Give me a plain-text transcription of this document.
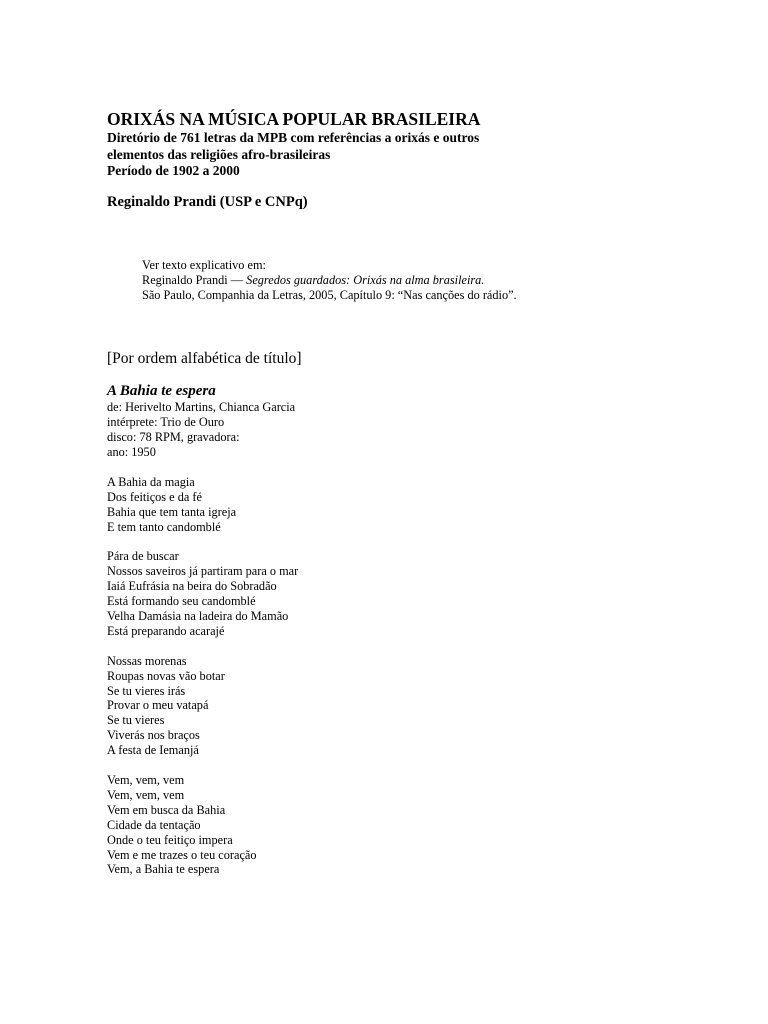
ORIXÁS NA MÚSICA POPULAR BRASILEIRA
Diretório de 761 letras da MPB com referências a orixás e outros
elementos das religiões afro-brasileiras
Período de 1902 a 2000
Reginaldo Prandi (USP e CNPq)
Ver texto explicativo em:
Reginaldo Prandi — Segredos guardados: Orixás na alma brasileira.
São Paulo, Companhia da Letras, 2005, Capítulo 9: “Nas canções do rádio”.
[Por ordem alfabética de título]
A Bahia te espera
de: Herivelto Martins, Chianca Garcia
intérprete: Trio de Ouro
disco: 78 RPM, gravadora:
ano: 1950
A Bahia da magia
Dos feitiços e da fé
Bahia que tem tanta igreja
E tem tanto candomblé
Pára de buscar
Nossos saveiros já partiram para o mar
Iaiá Eufrásia na beira do Sobradão
Está formando seu candomblé
Velha Damásia na ladeira do Mamão
Está preparando acarajé
Nossas morenas
Roupas novas vão botar
Se tu vieres irás
Provar o meu vatapá
Se tu vieres
Viverás nos braços
A festa de Iemanjá
Vem, vem, vem
Vem, vem, vem
Vem em busca da Bahia
Cidade da tentação
Onde o teu feitiço impera
Vem e me trazes o teu coração
Vem, a Bahia te espera
